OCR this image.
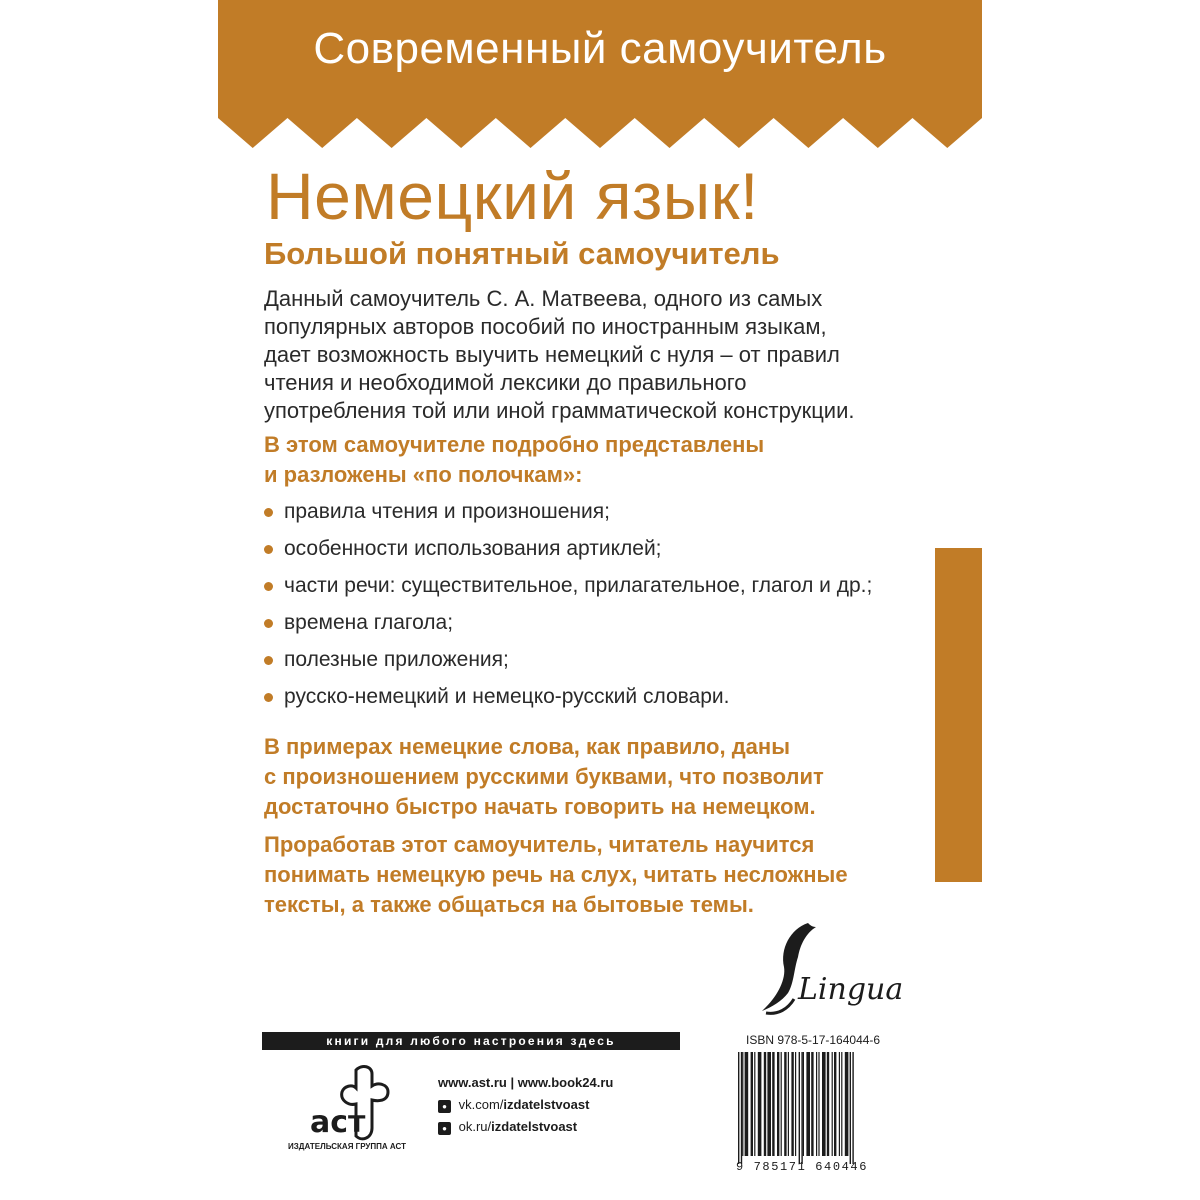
Современный самоучитель
Немецкий язык!
Большой понятный самоучитель

Данный самоучитель С. А. Матвеева, одного из самых
популярных авторов пособий по иностранным языкам,
дает возможность выучить немецкий с нуля – от правил
чтения и необходимой лексики до правильного
употребления той или иной грамматической конструкции.

В этом самоучителе подробно представлены
и разложены «по полочкам»:

правила чтения и произношения;
особенности использования артиклей;
части речи: существительное, прилагательное, глагол и др.;
времена глагола;
полезные приложения;
русско-немецкий и немецко-русский словари.

В примерах немецкие слова, как правило, даны
с произношением русскими буквами, что позволит
достаточно быстро начать говорить на немецком.

Проработав этот самоучитель, читатель научится
понимать немецкую речь на слух, читать несложные
тексты, а также общаться на бытовые темы.

Lingua
книги для любого настроения здесь
аст
ИЗДАТЕЛЬСКАЯ ГРУППА АСТ
www.ast.ru | www.book24.ru
● vk.com/izdatelstvoast
● ok.ru/izdatelstvoast
ISBN 978-5-17-164044-6
9 785171 640446
